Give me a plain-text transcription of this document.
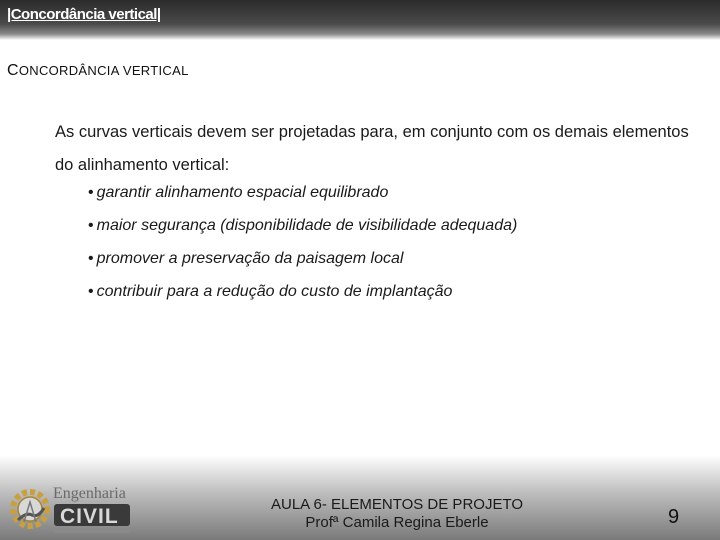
|Concordância vertical|
CONCORDÂNCIA VERTICAL
As curvas verticais devem ser projetadas para, em conjunto com os demais elementos do alinhamento vertical:
• garantir alinhamento espacial equilibrado
• maior segurança (disponibilidade de visibilidade adequada)
• promover a preservação da paisagem local
• contribuir para a redução do custo de implantação
Engenharia
CIVIL
AULA 6- ELEMENTOS DE PROJETO
Profª Camila Regina Eberle	9
